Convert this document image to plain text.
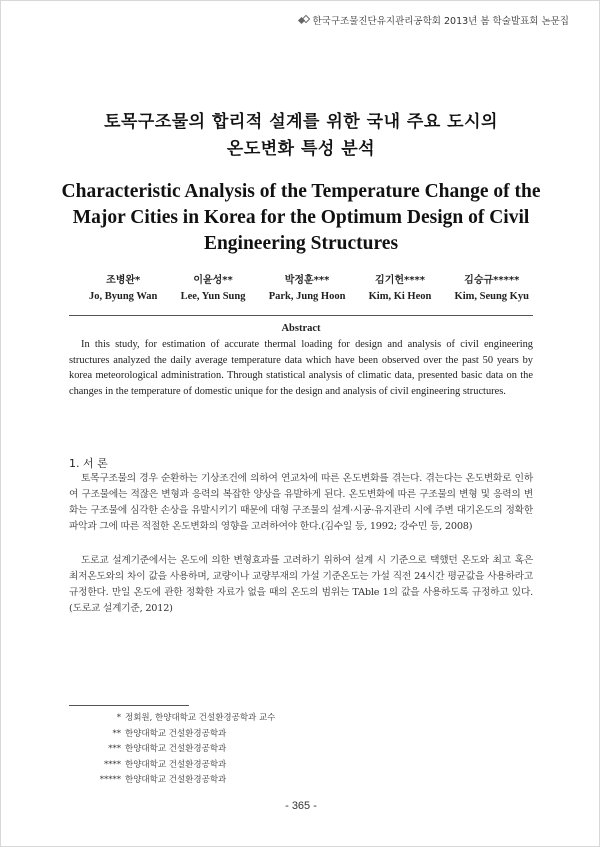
한국구조물진단유지관리공학회 2013년 봄 학술발표회 논문집
토목구조물의 합리적 설계를 위한 국내 주요 도시의
온도변화 특성 분석
Characteristic Analysis of the Temperature Change of the
Major Cities in Korea for the Optimum Design of Civil
Engineering Structures
조병완*
Jo, Byung Wan
이윤성**
Lee, Yun Sung
박정훈***
Park, Jung Hoon
김기헌****
Kim, Ki Heon
김승규*****
Kim, Seung Kyu
Abstract

In this study, for estimation of accurate thermal loading for design and analysis of civil engineering structures analyzed the daily average temperature data which have been observed over the past 50 years by korea meteorological administration. Through statistical analysis of climatic data, presented basic data on the changes in the temperature of domestic unique for the design and analysis of civil engineering structures.

1. 서 론

토목구조물의 경우 순환하는 기상조건에 의하여 연교차에 따른 온도변화를 겪는다. 겪는다는 온도변화로 인하여 구조물에는 적잖은 변형과 응력의 복잡한 양상을 유발하게 된다. 온도변화에 따른 구조물의 변형 및 응력의 변화는 구조물에 심각한 손상을 유발시키기 때문에 대형 구조물의 설계·시공·유지관리 시에 주변 대기온도의 정확한 파악과 그에 따른 적절한 온도변화의 영향을 고려하여야 한다.(김수일 등, 1992; 강수민 등, 2008)

도로교 설계기준에서는 온도에 의한 변형효과를 고려하기 위하여 설계 시 기준으로 택했던 온도와 최고 혹은 최저온도와의 차이 값을 사용하며, 교량이나 교량부재의 가설 기준온도는 가설 직전 24시간 평균값을 사용하라고 규정한다. 만일 온도에 관한 정확한 자료가 없을 때의 온도의 범위는 TAble 1의 값을 사용하도록 규정하고 있다.(도로교 설계기준, 2012)

* 정회원, 한양대학교 건설환경공학과 교수
** 한양대학교 건설환경공학과
*** 한양대학교 건설환경공학과
**** 한양대학교 건설환경공학과
***** 한양대학교 건설환경공학과
- 365 -
